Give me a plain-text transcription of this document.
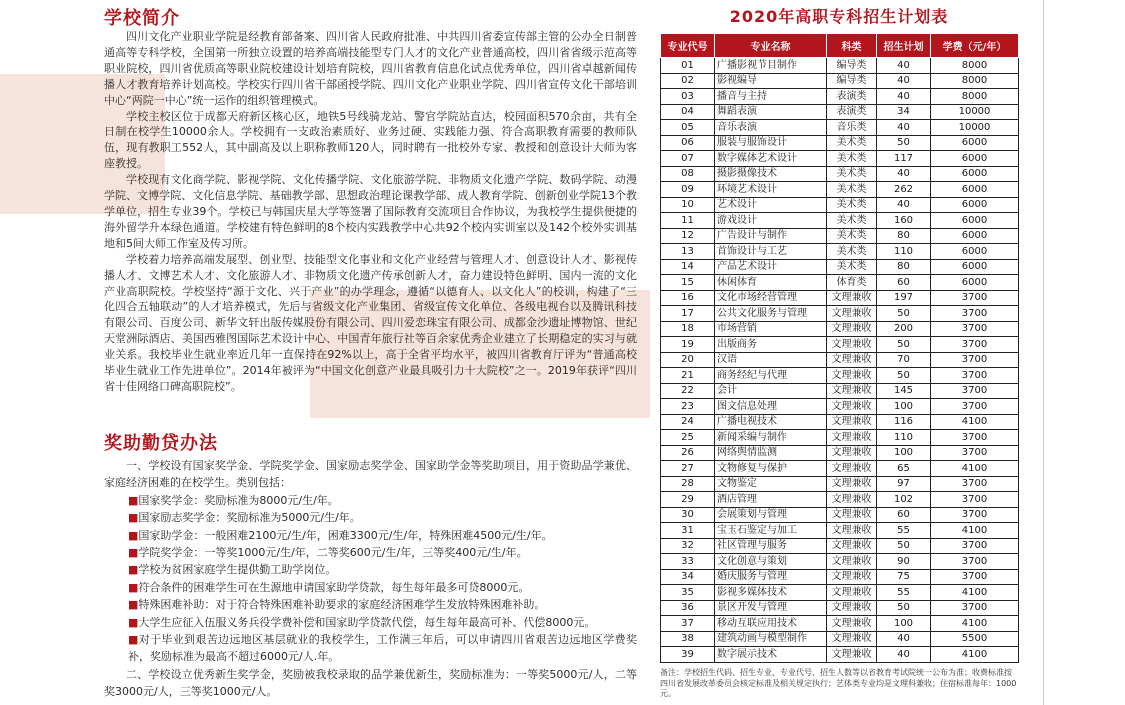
学校简介

四川文化产业职业学院是经教育部备案、四川省人民政府批准、中共四川省委宣传部主管的公办全日制普通高等专科学校，全国第一所独立设置的培养高端技能型专门人才的文化产业普通高校，四川省省级示范高等职业院校，四川省优质高等职业院校建设计划培育院校，四川省教育信息化试点优秀单位，四川省卓越新闻传播人才教育培养计划高校。学校实行四川省干部函授学院、四川文化产业职业学院、四川省宣传文化干部培训中心“两院一中心”统一运作的组织管理模式。

学校主校区位于成都天府新区核心区，地铁5号线骑龙站、警官学院站直达，校园面积570余亩，共有全日制在校学生10000余人。学校拥有一支政治素质好、业务过硬、实践能力强、符合高职教育需要的教师队伍，现有教职工552人，其中副高及以上职称教师120人，同时聘有一批校外专家、教授和创意设计大师为客座教授。

学校现有文化商学院、影视学院、文化传播学院、文化旅游学院、非物质文化遗产学院、数码学院、动漫学院、文博学院、文化信息学院、基础教学部、思想政治理论课教学部、成人教育学院、创新创业学院13个教学单位，招生专业39个。学校已与韩国庆星大学等签署了国际教育交流项目合作协议，为我校学生提供便捷的海外留学升本绿色通道。学校建有特色鲜明的8个校内实践教学中心共92个校内实训室以及142个校外实训基地和5间大师工作室及传习所。

学校着力培养高端发展型、创业型、技能型文化事业和文化产业经营与管理人才、创意设计人才、影视传播人才、文博艺术人才、文化旅游人才、非物质文化遗产传承创新人才，奋力建设特色鲜明、国内一流的文化产业高职院校。学校坚持“源于文化、兴于产业”的办学理念，遵循“以德育人、以文化人”的校训，构建了“三化四合五轴联动”的人才培养模式，先后与省级文化产业集团、省级宣传文化单位、各级电视台以及腾讯科技有限公司、百度公司、新华文轩出版传媒股份有限公司、四川爱恋珠宝有限公司、成都金沙遗址博物馆、世纪天堂洲际酒店、美国西雅图国际艺术设计中心、中国青年旅行社等百余家优秀企业建立了长期稳定的实习与就业关系。我校毕业生就业率近几年一直保持在92%以上，高于全省平均水平，被四川省教育厅评为“普通高校毕业生就业工作先进单位”。2014年被评为“中国文化创意产业最具吸引力十大院校”之一。2019年获评“四川省十佳网络口碑高职院校”。

奖助勤贷办法

一、学校设有国家奖学金、学院奖学金、国家励志奖学金、国家助学金等奖助项目，用于资助品学兼优、家庭经济困难的在校学生。类别包括：

■ 国家奖学金：奖励标准为8000元/生/年。

■ 国家励志奖学金：奖励标准为5000元/生/年。

■ 国家助学金：一般困难2100元/生/年，困难3300元/生/年，特殊困难4500元/生/年。

■ 学院奖学金：一等奖1000元/生/年，二等奖600元/生/年，三等奖400元/生/年。

■ 学校为贫困家庭学生提供勤工助学岗位。

■ 符合条件的困难学生可在生源地申请国家助学贷款，每生每年最多可贷8000元。

■ 特殊困难补助：对于符合特殊困难补助要求的家庭经济困难学生发放特殊困难补助。

■ 大学生应征入伍服义务兵役学费补偿和国家助学贷款代偿，每生每年最高可补、代偿8000元。

■ 对于毕业到艰苦边远地区基层就业的我校学生，工作满三年后，可以申请四川省艰苦边远地区学费奖补，奖励标准为最高不超过6000元/人.年。

二、学校设立优秀新生奖学金，奖励被我校录取的品学兼优新生，奖励标准为：一等奖5000元/人，二等奖3000元/人，三等奖1000元/人。

2020年高职专科招生计划表
专业代号	专业名称	科类	招生计划	学费（元/年）
01	广播影视节目制作	编导类	40	8000
02	影视编导	编导类	40	8000
03	播音与主持	表演类	40	8000
04	舞蹈表演	表演类	34	10000
05	音乐表演	音乐类	40	10000
06	服装与服饰设计	美术类	50	6000
07	数字媒体艺术设计	美术类	117	6000
08	摄影摄像技术	美术类	40	6000
09	环境艺术设计	美术类	262	6000
10	艺术设计	美术类	40	6000
11	游戏设计	美术类	160	6000
12	广告设计与制作	美术类	80	6000
13	首饰设计与工艺	美术类	110	6000
14	产品艺术设计	美术类	80	6000
15	休闲体育	体育类	60	6000
16	文化市场经营管理	文理兼收	197	3700
17	公共文化服务与管理	文理兼收	50	3700
18	市场营销	文理兼收	200	3700
19	出版商务	文理兼收	50	3700
20	汉语	文理兼收	70	3700
21	商务经纪与代理	文理兼收	50	3700
22	会计	文理兼收	145	3700
23	图文信息处理	文理兼收	100	3700
24	广播电视技术	文理兼收	116	4100
25	新闻采编与制作	文理兼收	110	3700
26	网络舆情监测	文理兼收	100	3700
27	文物修复与保护	文理兼收	65	4100
28	文物鉴定	文理兼收	97	3700
29	酒店管理	文理兼收	102	3700
30	会展策划与管理	文理兼收	60	3700
31	宝玉石鉴定与加工	文理兼收	55	4100
32	社区管理与服务	文理兼收	50	3700
33	文化创意与策划	文理兼收	90	3700
34	婚庆服务与管理	文理兼收	75	3700
35	影视多媒体技术	文理兼收	55	4100
36	景区开发与管理	文理兼收	50	3700
37	移动互联应用技术	文理兼收	100	4100
38	建筑动画与模型制作	文理兼收	40	5500
39	数字展示技术	文理兼收	40	4100

备注：学校招生代码、招生专业、专业代号、招生人数等以省教育考试院统一公布为准；收费标准按四川省发展改革委员会核定标准及相关规定执行；艺体类专业均是文理科兼收；住宿标准每年：1000元。
